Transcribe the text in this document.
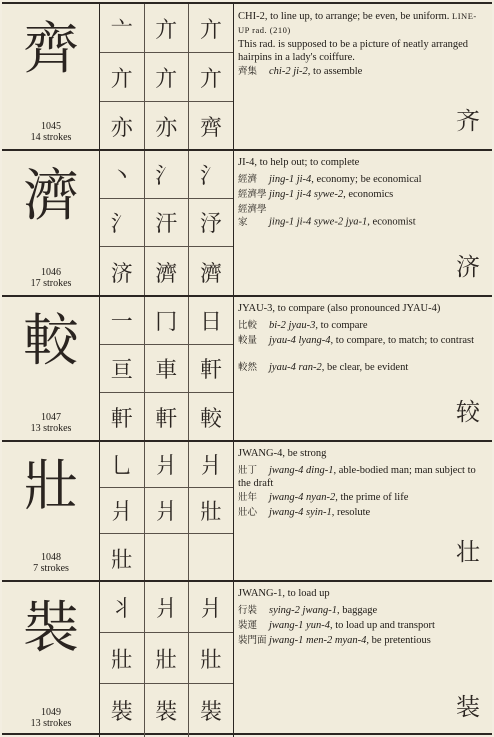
齊
1045
14 strokes
亠	亣	亣
亣	亣	亣
亦	亦	齊
CHI-2, to line up, to arrange; be even, be uniform. LINE-UP rad. (210)
This rad. is supposed to be a picture of neatly arranged hairpins in a lady's coiffure.
齊集 chi-2 ji-2, to assemble
齐
濟
1046
17 strokes
丶	氵	氵
氵	汗	汿
济	濟	濟
JI-4, to help out; to complete
經濟 jing-1 ji-4, economy; be economical
經濟學 jing-1 ji-4 sywe-2, economics
經濟學家 jing-1 ji-4 sywe-2 jya-1, economist
济
較
1047
13 strokes
一	冂	日
亘	車	軒
軒	軒	較
JYAU-3, to compare (also pronounced JYAU-4)
比較 bi-2 jyau-3, to compare
較量 jyau-4 lyang-4, to compare, to match; to contrast
較然 jyau-4 ran-2, be clear, be evident
较
壯
1048
7 strokes
乚	爿	爿
爿	爿	壯
壯
JWANG-4, be strong
壯丁 jwang-4 ding-1, able-bodied man; man subject to the draft
壯年 jwang-4 nyan-2, the prime of life
壯心 jwang-4 syin-1, resolute
壮
裝
1049
13 strokes
丬	爿	爿
壯	壯	壯
裝	裝	裝
JWANG-1, to load up
行裝 sying-2 jwang-1, baggage
裝運 jwang-1 yun-4, to load up and transport
裝門面 jwang-1 men-2 myan-4, be pretentious
装
